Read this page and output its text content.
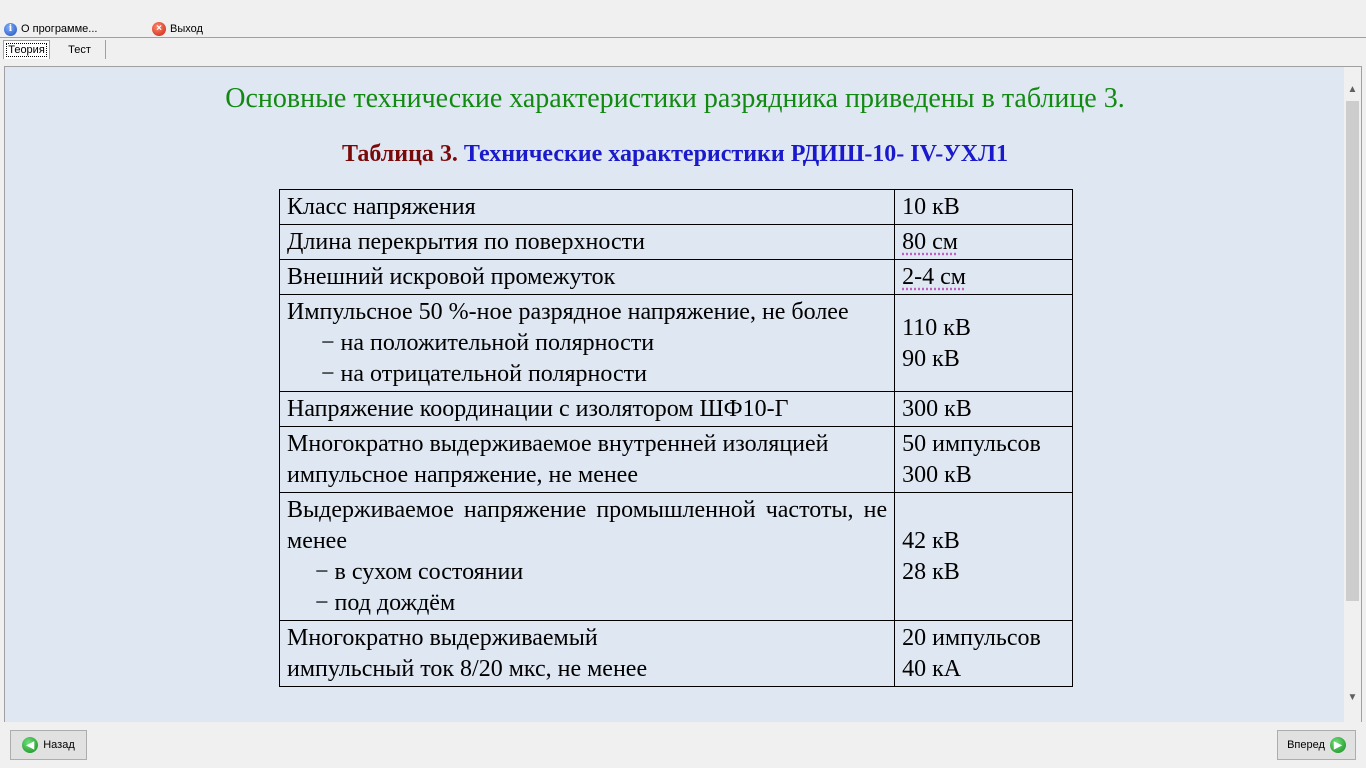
i О программе...	× Выход
Теория Тест
Основные технические характеристики разрядника приведены в таблице 3.
Таблица 3. Технические характеристики РДИШ-10- IV-УХЛ1
Класс напряжения	10 кВ

Длина перекрытия по поверхности	80 см

Внешний искровой промежуток	2-4 см

Импульсное 50 %-ное разрядное напряжение, не более
− на положительной полярности
− на отрицательной полярности	110 кВ
90 кВ

Напряжение координации с изолятором ШФ10-Г	300 кВ

Многократно выдерживаемое внутренней изоляцией
импульсное напряжение, не менее	50 импульсов
300 кВ

Выдерживаемое напряжение промышленной частоты, не менее
− в сухом состоянии
− под дождём	42 кВ
28 кВ

Многократно выдерживаемый
импульсный ток 8/20 мкс, не менее	20 импульсов
40 кА
▲
▼
◀ Назад	Вперед ▶
